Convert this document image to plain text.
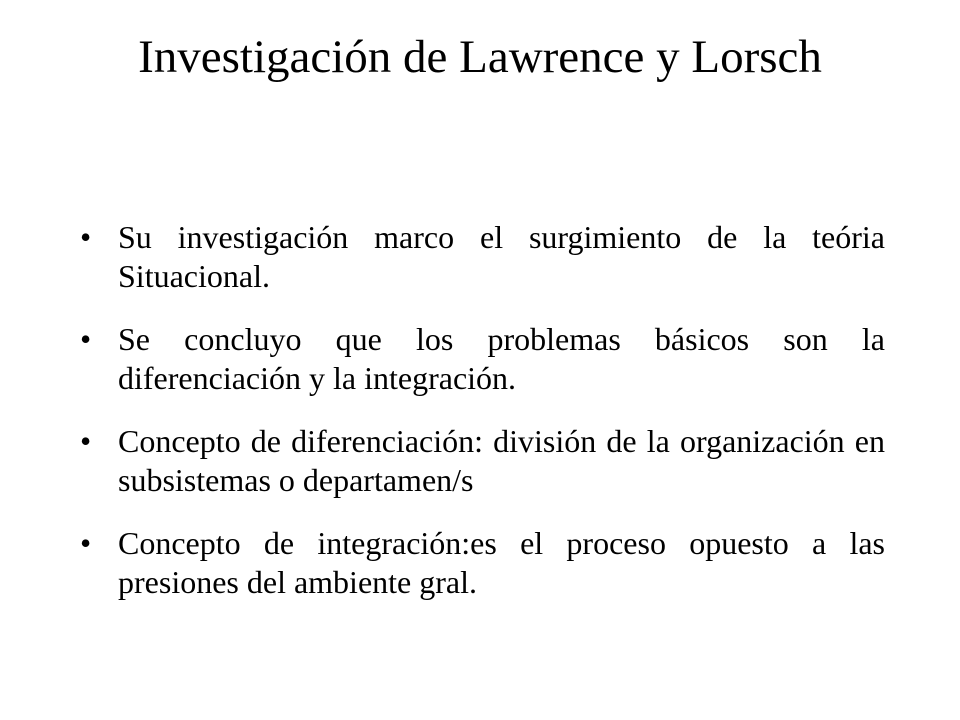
Investigación de Lawrence y Lorsch
• Su investigación marco el surgimiento de la teória Situacional.
• Se concluyo que los problemas básicos son la diferenciación y la integración.
• Concepto de diferenciación: división de la organización en subsistemas o departamen/s
• Concepto de integración:es el proceso opuesto a las presiones del ambiente gral.
